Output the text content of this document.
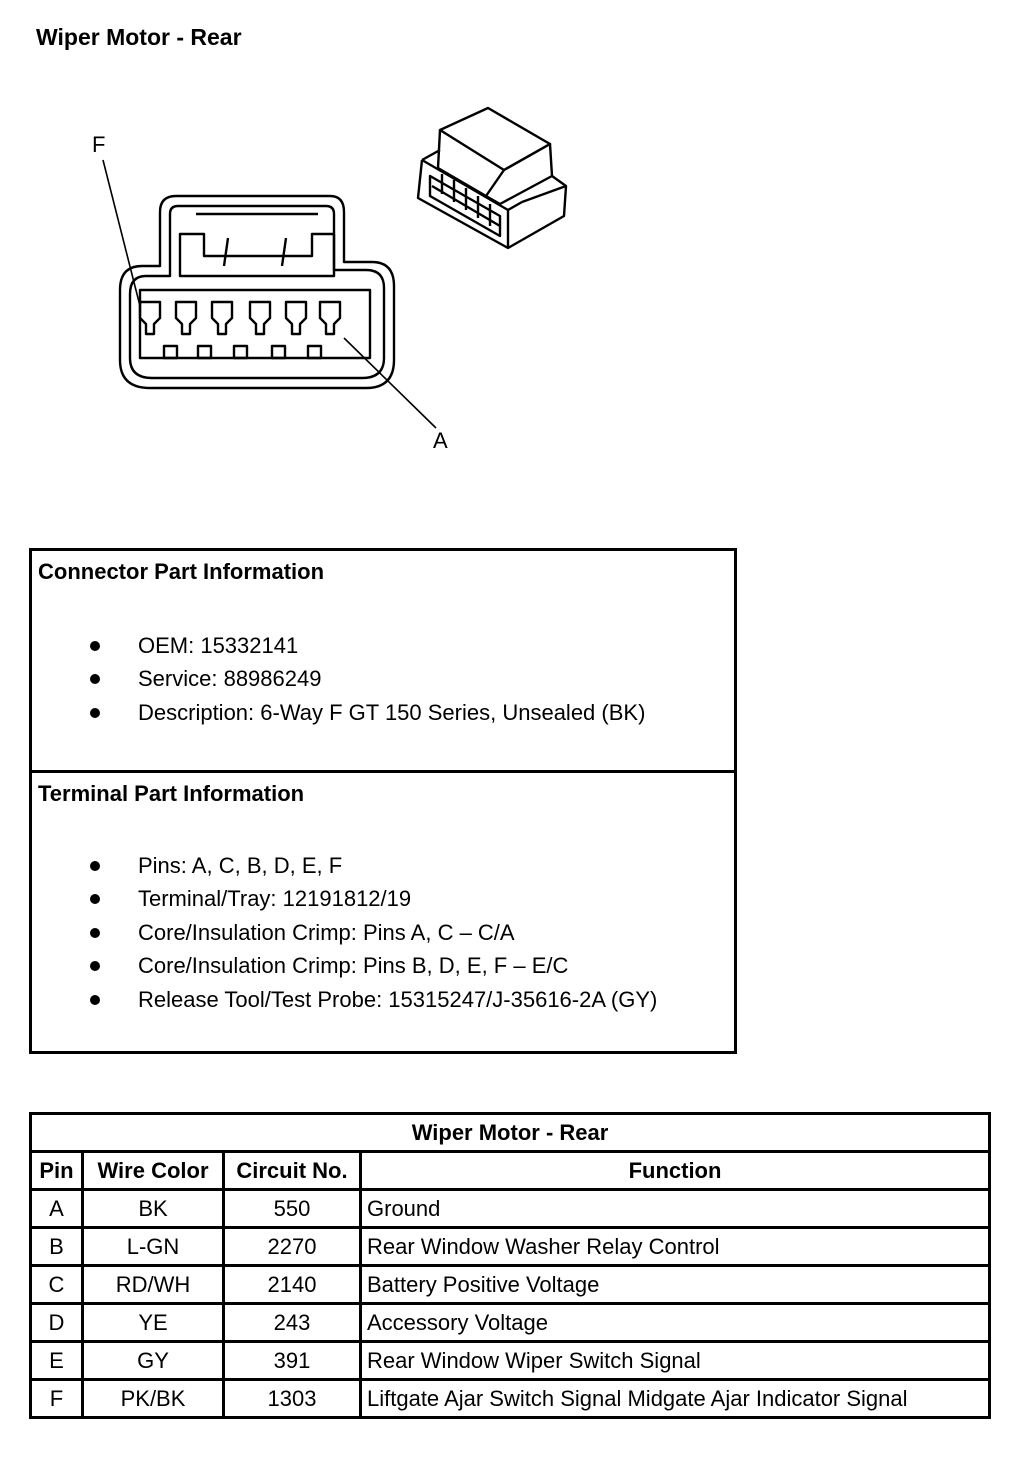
Wiper Motor - Rear
F
A
Connector Part Information
OEM: 15332141
Service: 88986249
Description: 6-Way F GT 150 Series, Unsealed (BK)
Terminal Part Information
Pins: A, C, B, D, E, F
Terminal/Tray: 12191812/19
Core/Insulation Crimp: Pins A, C – C/A
Core/Insulation Crimp: Pins B, D, E, F – E/C
Release Tool/Test Probe: 15315247/J-35616-2A (GY)
Wiper Motor - Rear			
Pin	Wire Color	Circuit No.	Function
A	BK	550	Ground
B	L-GN	2270	Rear Window Washer Relay Control
C	RD/WH	2140	Battery Positive Voltage
D	YE	243	Accessory Voltage
E	GY	391	Rear Window Wiper Switch Signal
F	PK/BK	1303	Liftgate Ajar Switch Signal Midgate Ajar Indicator Signal
